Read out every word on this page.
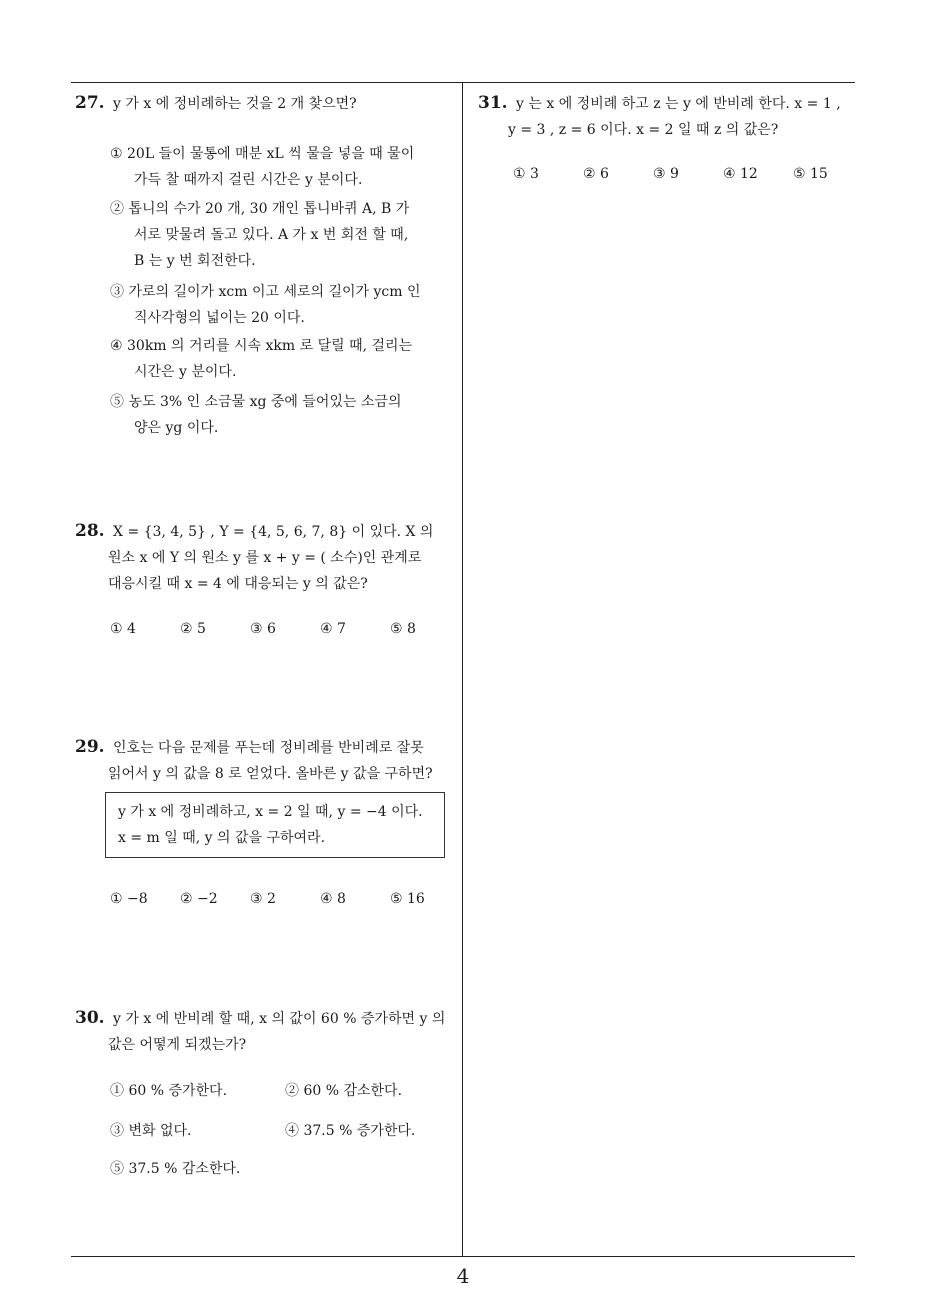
27. y 가 x 에 정비례하는 것을 2 개 찾으면?
① 20L 들이 물통에 매분 xL 씩 물을 넣을 때 물이
가득 찰 때까지 걸린 시간은 y 분이다.
② 톱니의 수가 20 개, 30 개인 톱니바퀴 A, B 가
서로 맞물려 돌고 있다. A 가 x 번 회전 할 때,
B 는 y 번 회전한다.
③ 가로의 길이가 xcm 이고 세로의 길이가 ycm 인
직사각형의 넓이는 20 이다.
④ 30km 의 거리를 시속 xkm 로 달릴 때, 걸리는
시간은 y 분이다.
⑤ 농도 3% 인 소금물 xg 중에 들어있는 소금의
양은 yg 이다.
28. X = {3, 4, 5} , Y = {4, 5, 6, 7, 8} 이 있다. X 의
원소 x 에 Y 의 원소 y 를 x + y = ( 소수)인 관계로
대응시킬 때 x = 4 에 대응되는 y 의 값은?
① 4	② 5	③ 6	④ 7	⑤ 8
29. 인호는 다음 문제를 푸는데 정비례를 반비례로 잘못
읽어서 y 의 값을 8 로 얻었다. 올바른 y 값을 구하면?
y 가 x 에 정비례하고, x = 2 일 때, y = −4 이다.
x = m 일 때, y 의 값을 구하여라.
① −8 ② −2 ③ 2	④ 8	⑤ 16
30. y 가 x 에 반비례 할 때, x 의 값이 60 % 증가하면 y 의
값은 어떻게 되겠는가?
① 60 % 증가한다.	② 60 % 감소한다.
③ 변화 없다.	④ 37.5 % 증가한다.
⑤ 37.5 % 감소한다.
31. y 는 x 에 정비례 하고 z 는 y 에 반비례 한다. x = 1 ,
y = 3 , z = 6 이다. x = 2 일 때 z 의 값은?
① 3	② 6	③ 9	④ 12	⑤ 15
4
